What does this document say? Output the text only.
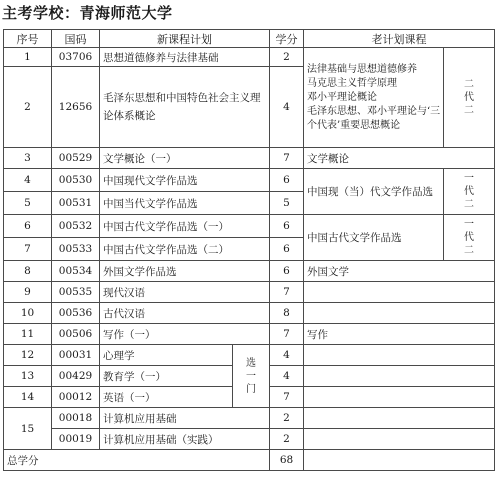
主考学校：青海师范大学
序号	国码	新课程计划		学分	老计划课程	
1	03706	思想道德修养与法律基础		2	法律基础与思想道德修养
马克思主义哲学原理
邓小平理论概论
毛泽东思想、邓小平理论与‘三个代表’重要思想概论	二代二

2	12656	毛泽东思想和中国特色社会主义理论体系概论		4		
3	00529	文学概论（一）		7	文学概论	
4	00530	中国现代文学作品选		6	中国现（当）代文学作品选	一代二

5	00531	中国当代文学作品选		5		
6	00532	中国古代文学作品选（一）		6	中国古代文学作品选	一代二

7	00533	中国古代文学作品选（二）		6		
8	00534	外国文学作品选		6	外国文学	
9	00535	现代汉语		7		
10	00536	古代汉语		8		
11	00506	写作（一）		7	写作	
12	00031	心理学	选一门	4		
13	00429	教育学（一）		4		
14	00012	英语（一）		7		
15	00018	计算机应用基础		2		
	00019	计算机应用基础（实践）		2		
总学分				68		
